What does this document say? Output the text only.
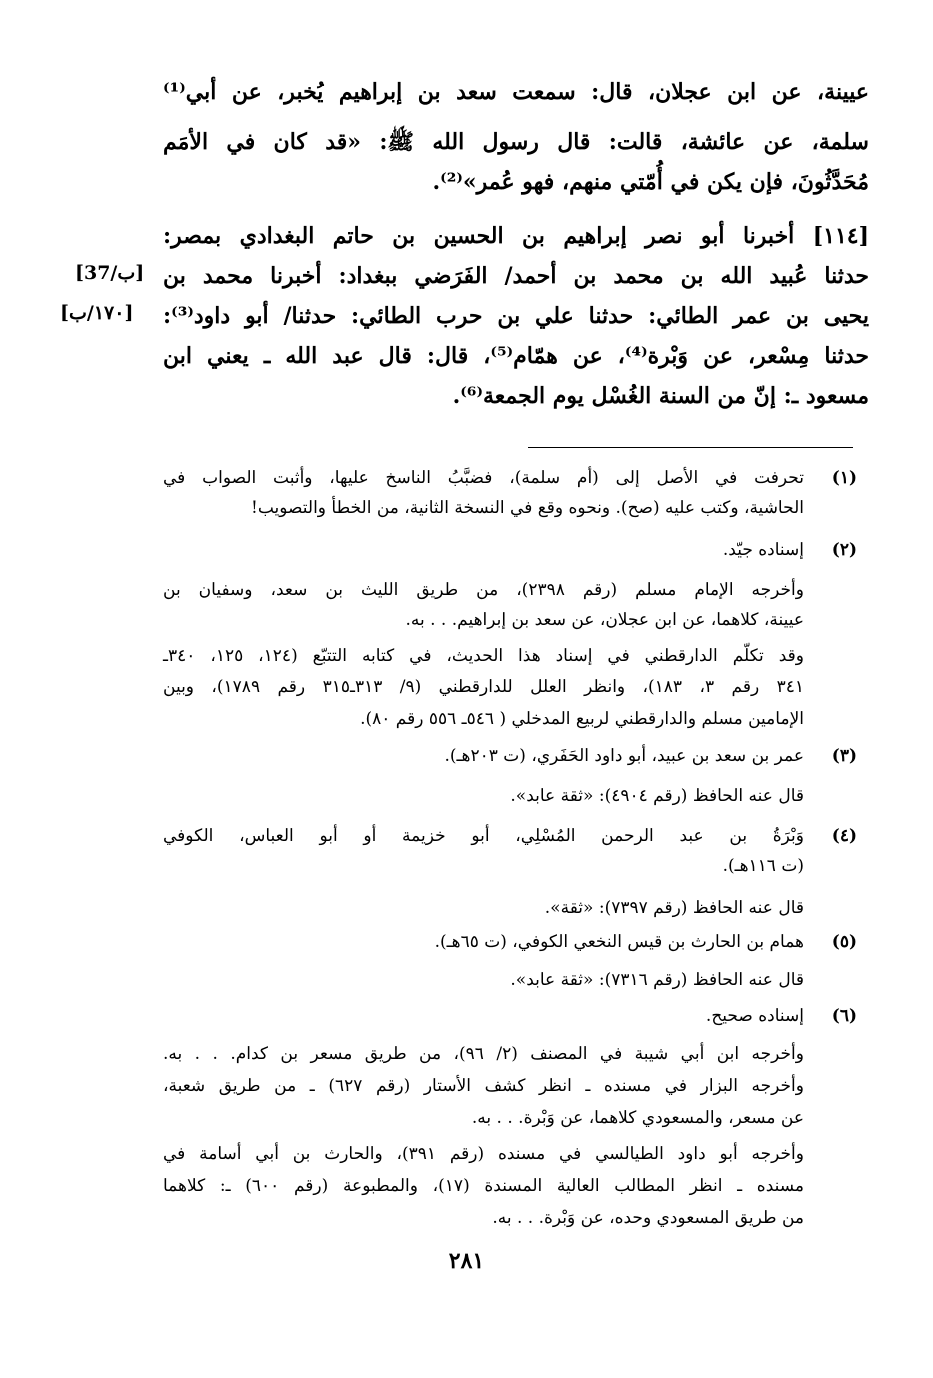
عيينة، عن ابن عجلان، قال: سمعت سعد بن إبراهيم يُخبر، عن أبي⁽¹⁾
سلمة، عن عائشة، قالت: قال رسول الله ﷺ: «قد كان في الأمَم
مُحَدَّثُونَ، فإن يكن في أُمّتي منهم، فهو عُمر»⁽²⁾.
[١١٤] أخبرنا أبو نصر إبراهيم بن الحسين بن حاتم البغدادي بمصر:
حدثنا عُبيد الله بن محمد بن أحمد/ الفَرَضي ببغداد: أخبرنا محمد بن
يحيى بن عمر الطائي: حدثنا علي بن حرب الطائي: حدثنا/ أبو داود⁽³⁾:
حدثنا مِسْعر، عن وَبْرة⁽⁴⁾، عن همّام⁽⁵⁾، قال: قال عبد الله ـ يعني ابن
مسعود ـ: إنّ من السنة الغُسْل يوم الجمعة⁽⁶⁾.
[37/ب]
[١٧٠/ب]
(١)
تحرفت في الأصل إلى (أم سلمة)، فضبَّبُ الناسخ عليها، وأثبت الصواب في
الحاشية، وكتب عليه (صح). ونحوه وقع في النسخة الثانية، من الخطأ والتصويب!
(٢)
إسناده جيّد.
وأخرجه الإمام مسلم (رقم ٢٣٩٨)، من طريق الليث بن سعد، وسفيان بن
عيينة، كلاهما، عن ابن عجلان، عن سعد بن إبراهيم. . . به.
وقد تكلّم الدارقطني في إسناد هذا الحديث، في كتابه التتبّع (١٢٤، ١٢٥، ٣٤٠ـ
٣٤١ رقم ٣، ١٨٣)، وانظر العلل للدارقطني (٩/ ٣١٣ـ٣١٥ رقم ١٧٨٩)، وبين
الإمامين مسلم والدارقطني لربيع المدخلي ( ٥٤٦ـ ٥٥٦ رقم ٨٠).
(٣)
عمر بن سعد بن عبيد، أبو داود الحَفَري، (ت ٢٠٣هـ).
قال عنه الحافظ (رقم ٤٩٠٤): «ثقة عابد».
(٤)
وَبْرَةُ بن عبد الرحمن المُسْلِي، أبو خزيمة أو أبو العباس، الكوفي
(ت ١١٦هـ).
قال عنه الحافظ (رقم ٧٣٩٧): «ثقة».
(٥)
همام بن الحارث بن قيس النخعي الكوفي، (ت ٦٥هـ).
قال عنه الحافظ (رقم ٧٣١٦): «ثقة عابد».
(٦)
إسناده صحيح.
وأخرجه ابن أبي شيبة في المصنف (٢/ ٩٦)، من طريق مسعر بن كدام. . . به.
وأخرجه البزار في مسنده ـ انظر كشف الأستار (رقم ٦٢٧) ـ من طريق شعبة،
عن مسعر، والمسعودي كلاهما، عن وَبْرة. . . به.
وأخرجه أبو داود الطيالسي في مسنده (رقم ٣٩١)، والحارث بن أبي أسامة في
مسنده ـ انظر المطالب العالية المسندة (١٧)، والمطبوعة (رقم ٦٠٠) ـ: كلاهما
من طريق المسعودي وحده، عن وَبْرة. . . به.
٢٨١
